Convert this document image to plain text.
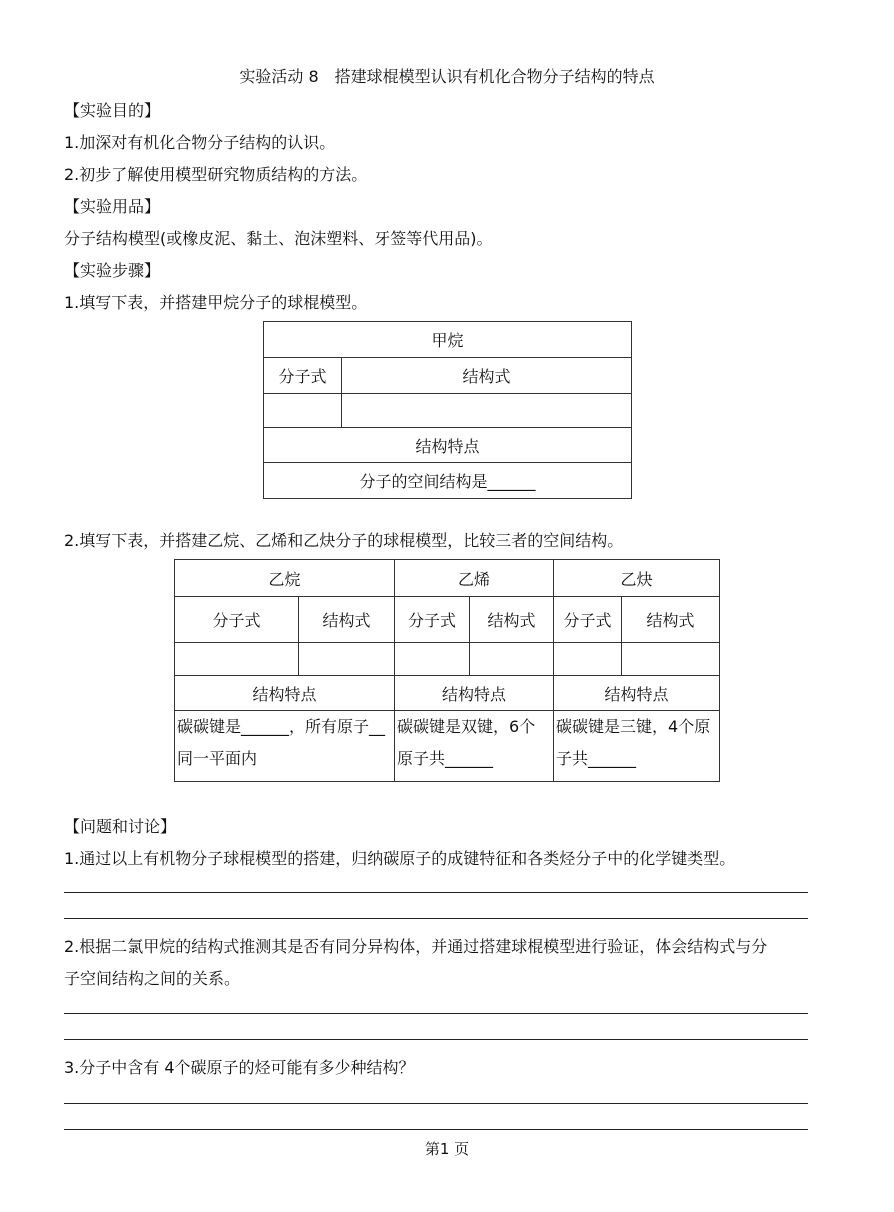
实验活动 8　搭建球棍模型认识有机化合物分子结构的特点
【实验目的】
1.加深对有机化合物分子结构的认识。
2.初步了解使用模型研究物质结构的方法。
【实验用品】
分子结构模型(或橡皮泥、黏土、泡沫塑料、牙签等代用品)。
【实验步骤】
1.填写下表，并搭建甲烷分子的球棍模型。
甲烷	
分子式	结构式

结构特点	
分子的空间结构是______	
2.填写下表，并搭建乙烷、乙烯和乙炔分子的球棍模型，比较三者的空间结构。
乙烷		乙烯		乙炔	
分子式	结构式	分子式	结构式	分子式	结构式

结构特点		结构特点		结构特点	
碳碳键是______，所有原子__同一平面内		碳碳键是双键，6个原子共______		碳碳键是三键，4个原子共______	
【问题和讨论】
1.通过以上有机物分子球棍模型的搭建，归纳碳原子的成键特征和各类烃分子中的化学键类型。
2.根据二氯甲烷的结构式推测其是否有同分异构体，并通过搭建球棍模型进行验证，体会结构式与分
子空间结构之间的关系。
3.分子中含有 4个碳原子的烃可能有多少种结构？
第1 页
